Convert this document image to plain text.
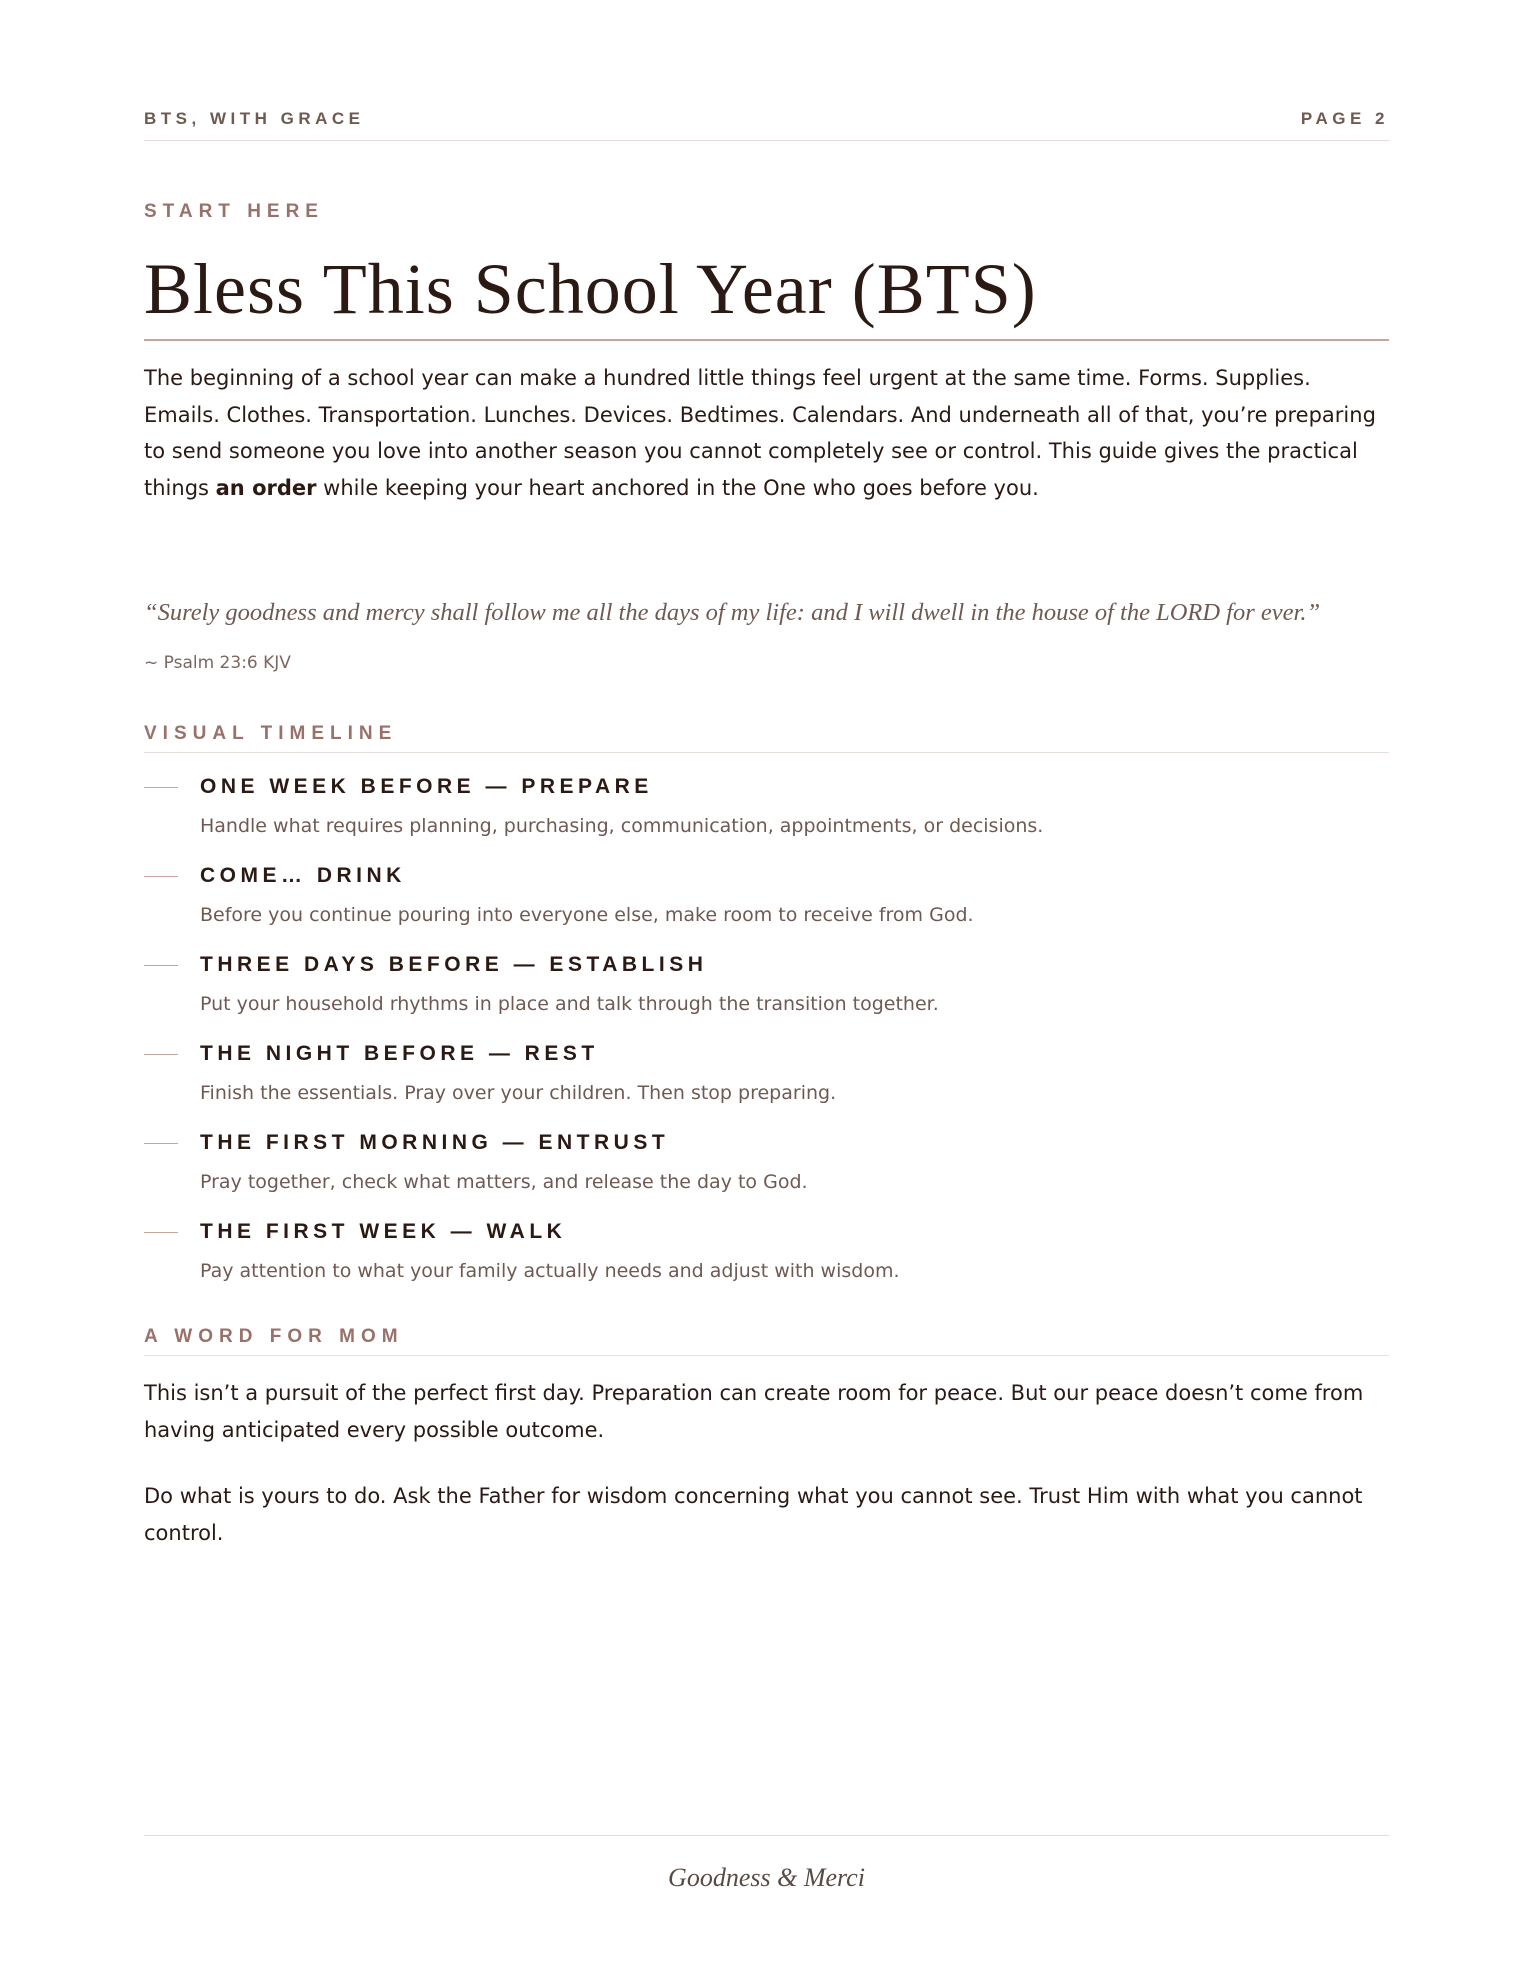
BTS, WITH GRACE	PAGE 2
START HERE
Bless This School Year (BTS)

The beginning of a school year can make a hundred little things feel urgent at the same time. Forms. Supplies. Emails. Clothes. Transportation. Lunches. Devices. Bedtimes. Calendars. And underneath all of that, you’re preparing to send someone you love into another season you cannot completely see or control. This guide gives the practical things an order while keeping your heart anchored in the One who goes before you.

“Surely goodness and mercy shall follow me all the days of my life: and I will dwell in the house of the LORD for ever.”

~ Psalm 23:6 KJV
VISUAL TIMELINE
ONE WEEK BEFORE — PREPARE
Handle what requires planning, purchasing, communication, appointments, or decisions.
COME… DRINK
Before you continue pouring into everyone else, make room to receive from God.
THREE DAYS BEFORE — ESTABLISH
Put your household rhythms in place and talk through the transition together.
THE NIGHT BEFORE — REST
Finish the essentials. Pray over your children. Then stop preparing.
THE FIRST MORNING — ENTRUST
Pray together, check what matters, and release the day to God.
THE FIRST WEEK — WALK
Pay attention to what your family actually needs and adjust with wisdom.
A WORD FOR MOM

This isn’t a pursuit of the perfect first day. Preparation can create room for peace. But our peace doesn’t come from having anticipated every possible outcome.

Do what is yours to do. Ask the Father for wisdom concerning what you cannot see. Trust Him with what you cannot control.

Goodness & Merci
